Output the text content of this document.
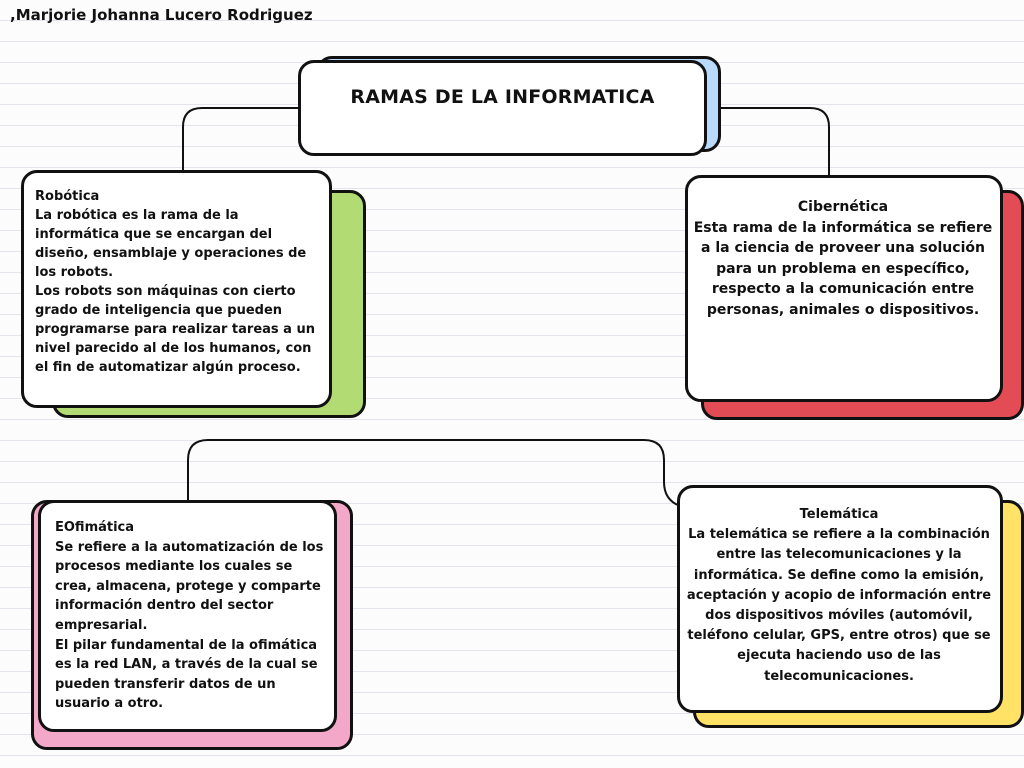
,Marjorie Johanna Lucero Rodriguez
RAMAS DE LA INFORMATICA
Robótica
La robótica es la rama de la informática que se encargan del diseño, ensamblaje y operaciones de los robots.
Los robots son máquinas con cierto grado de inteligencia que pueden programarse para realizar tareas a un nivel parecido al de los humanos, con el fin de automatizar algún proceso.
Cibernética
Esta rama de la informática se refiere a la ciencia de proveer una solución para un problema en específico, respecto a la comunicación entre personas, animales o dispositivos.
EOfimática
Se refiere a la automatización de los procesos mediante los cuales se crea, almacena, protege y comparte información dentro del sector empresarial.
El pilar fundamental de la ofimática es la red LAN, a través de la cual se pueden transferir datos de un usuario a otro.
Telemática
La telemática se refiere a la combinación entre las telecomunicaciones y la informática. Se define como la emisión, aceptación y acopio de información entre dos dispositivos móviles (automóvil, teléfono celular, GPS, entre otros) que se ejecuta haciendo uso de las telecomunicaciones.
